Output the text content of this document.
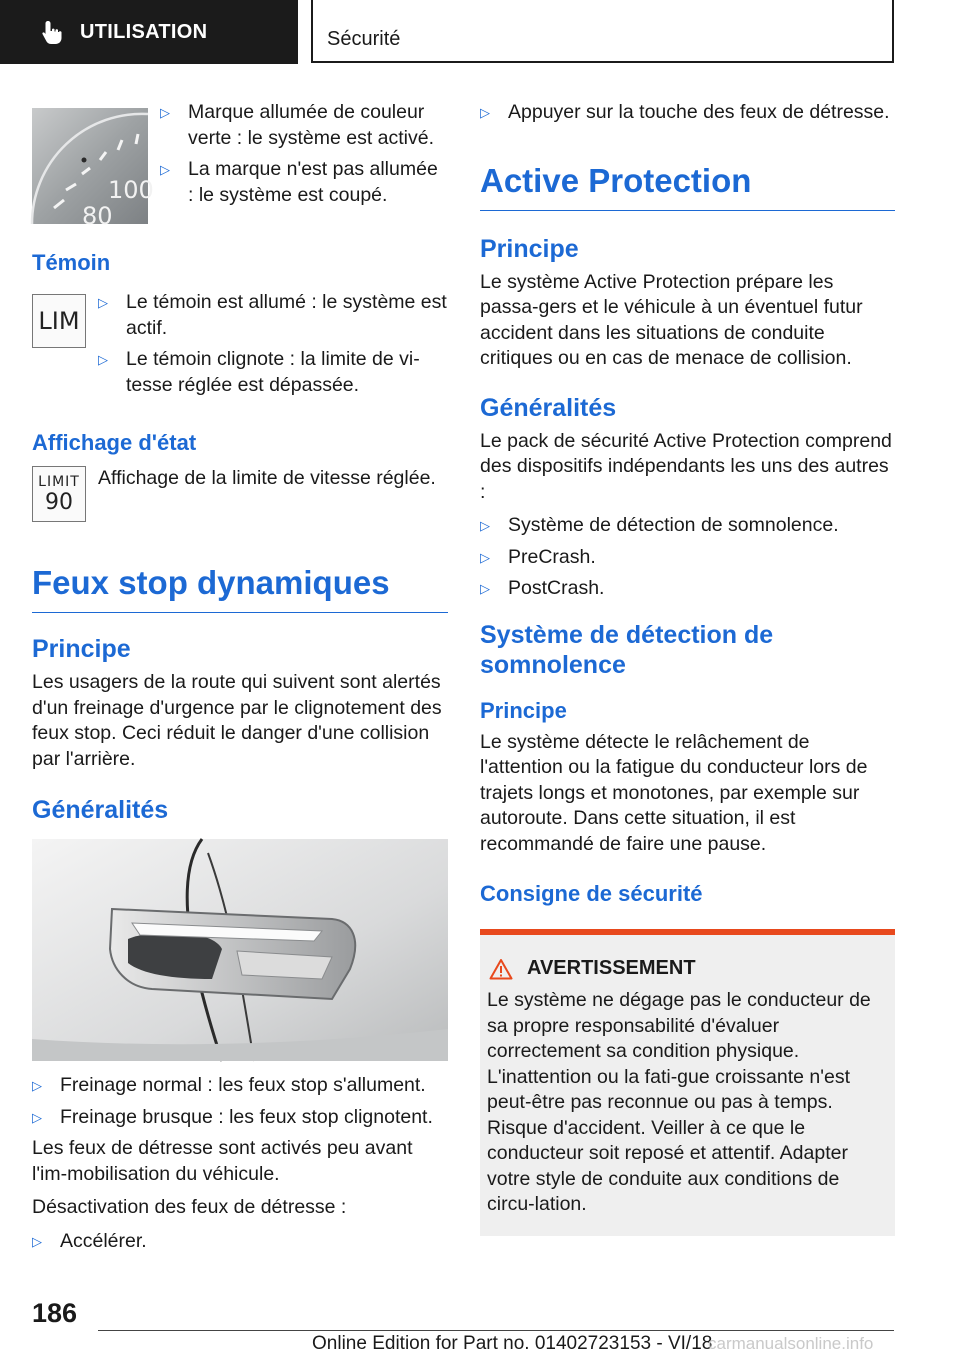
UTILISATION	Sécurité
100
80
▷ Marque allumée de couleur verte : le système est activé.
▷ La marque n'est pas allumée : le système est coupé.
Témoin
LIM
▷ Le témoin est allumé : le système est actif.
▷ Le témoin clignote : la limite de vi-tesse réglée est dépassée.
Affichage d'état
LIMIT
90

Affichage de la limite de vitesse réglée.

Feux stop dynamiques
Principe

Les usagers de la route qui suivent sont alertés d'un freinage d'urgence par le clignotement des feux stop. Ceci réduit le danger d'une collision par l'arrière.

Généralités
▷ Freinage normal : les feux stop s'allument.
▷ Freinage brusque : les feux stop clignotent.

Les feux de détresse sont activés peu avant l'im-mobilisation du véhicule.

Désactivation des feux de détresse :

▷ Accélérer.
▷ Appuyer sur la touche des feux de détresse.
Active Protection
Principe

Le système Active Protection prépare les passa-gers et le véhicule à un éventuel futur accident dans les situations de conduite critiques ou en cas de menace de collision.

Généralités

Le pack de sécurité Active Protection comprend des dispositifs indépendants les uns des autres :

▷ Système de détection de somnolence.
▷ PreCrash.
▷ PostCrash.
Système de détection de somnolence
Principe

Le système détecte le relâchement de l'attention ou la fatigue du conducteur lors de trajets longs et monotones, par exemple sur autoroute. Dans cette situation, il est recommandé de faire une pause.

Consigne de sécurité
AVERTISSEMENT

Le système ne dégage pas le conducteur de sa propre responsabilité d'évaluer correctement sa condition physique. L'inattention ou la fati-gue croissante n'est peut-être pas reconnue ou pas à temps. Risque d'accident. Veiller à ce que le conducteur soit reposé et attentif. Adapter votre style de conduite aux conditions de circu-lation.

186
Online Edition for Part no. 01402723153 - VI/18
carmanualsonline.info
